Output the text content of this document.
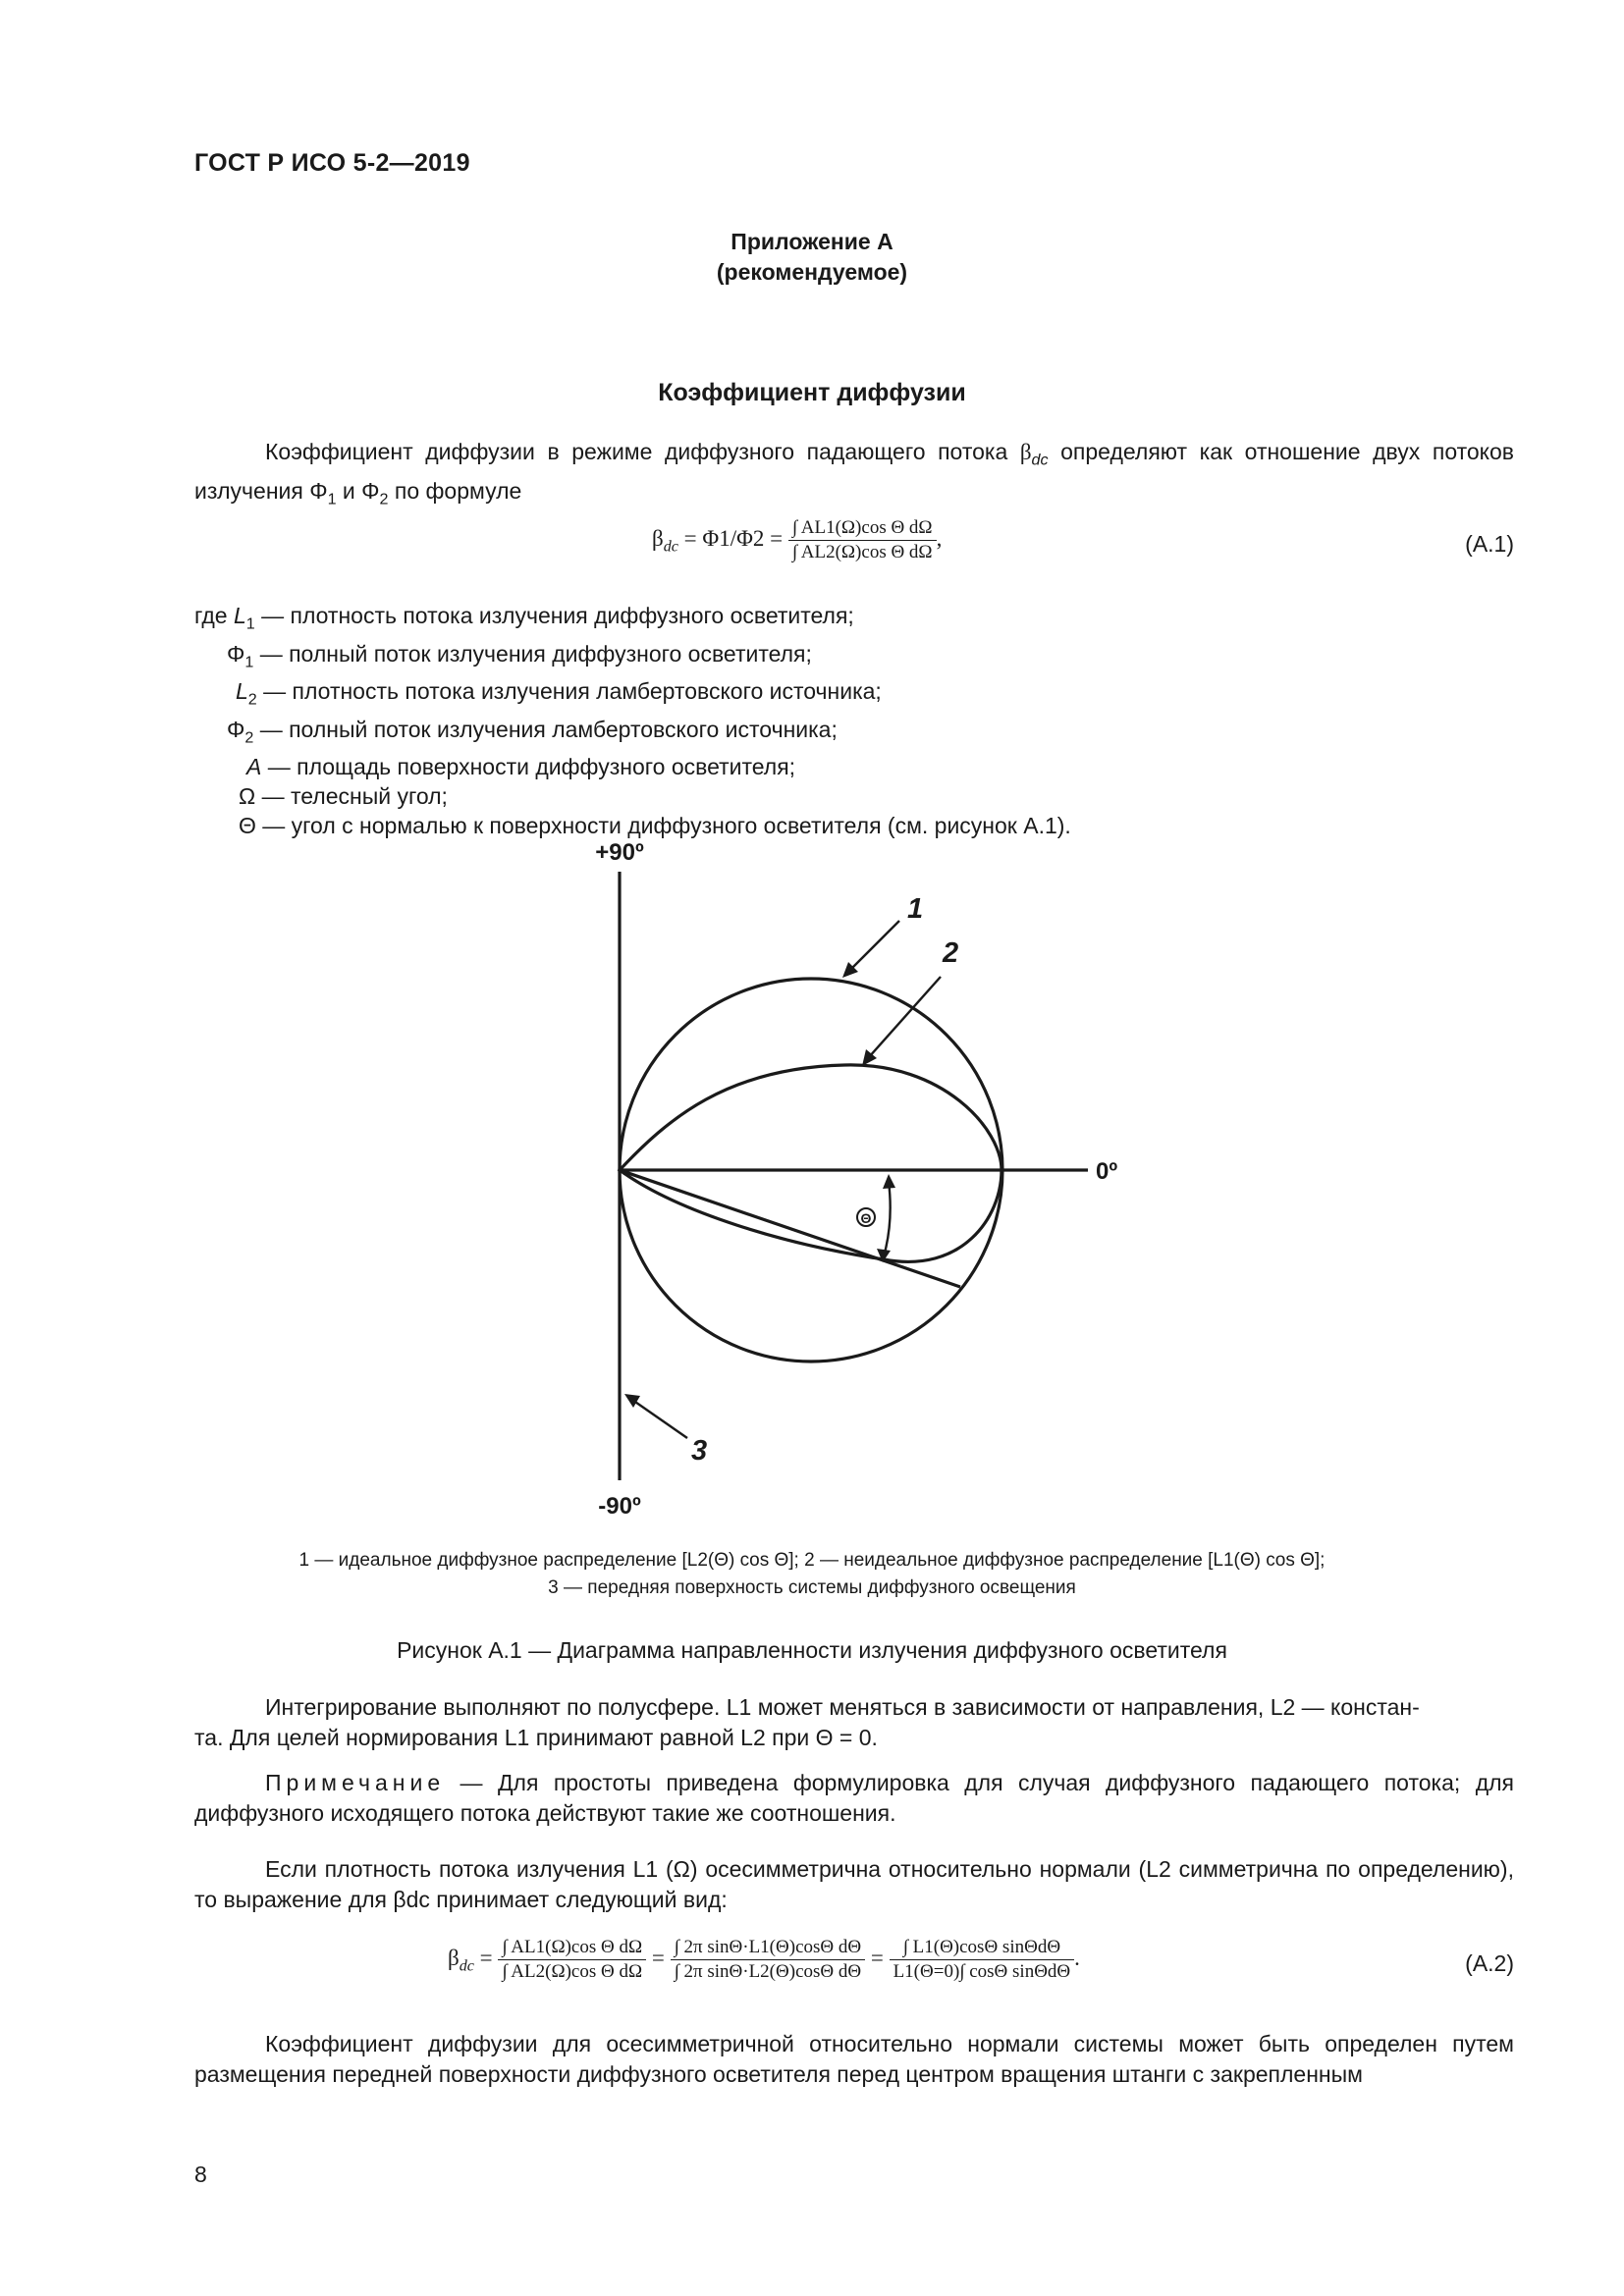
ГОСТ Р ИСО 5-2—2019
Приложение А
(рекомендуемое)
Коэффициент диффузии
Коэффициент диффузии в режиме диффузного падающего потока $\beta_{dc}$ определяют как отношение двух потоков излучения $\Phi_1$ и $\Phi_2$ по формуле
$\beta_{dc} = \Phi 1/\Phi 2 = \frac{\text{∫ AL1(Ω)cos Θ dΩ}}{\text{∫ AL2(Ω)cos Θ dΩ}}$ ,	(А.1)
где $L_1$ — плотность потока излучения диффузного осветителя;
$\Phi_1$ — полный поток излучения диффузного осветителя;
$L_2$ — плотность потока излучения ламбертовского источника;
$\Phi_2$ — полный поток излучения ламбертовского источника;
A — площадь поверхности диффузного осветителя;
Ω — телесный угол;
Θ — угол с нормалью к поверхности диффузного осветителя (см. рисунок А.1).
Θ
1
2
3
+90º
-90º
0º
1 — идеальное диффузное распределение [L2(Θ) cos Θ]; 2 — неидеальное диффузное распределение [L1(Θ) cos Θ];
3 — передняя поверхность системы диффузного освещения
Рисунок А.1 — Диаграмма направленности излучения диффузного осветителя
Интегрирование выполняют по полусфере. L1 может меняться в зависимости от направления, L2 — констан-
та. Для целей нормирования L1 принимают равной L2 при Θ = 0.
Примечание — Для простоты приведена формулировка для случая диффузного падающего потока; для диффузного исходящего потока действуют такие же соотношения.
Если плотность потока излучения L1 (Ω) осесимметрична относительно нормали (L2 симметрична по определению), то выражение для βdc принимает следующий вид:
$\beta_{dc} = \frac{\text{∫ AL1(Ω)cos Θ dΩ}}{\text{∫ AL2(Ω)cos Θ dΩ}} = \frac{\text{∫ 2π sinΘ·L1(Θ)cosΘ dΘ}}{\text{∫ 2π sinΘ·L2(Θ)cosΘ dΘ}} = \frac{\text{∫ L1(Θ)cosΘ sinΘdΘ}}{\text{L1(Θ=0)∫ cosΘ sinΘdΘ}}$ .	(А.2)
Коэффициент диффузии для осесимметричной относительно нормали системы может быть определен путем размещения передней поверхности диффузного осветителя перед центром вращения штанги с закрепленным
8
